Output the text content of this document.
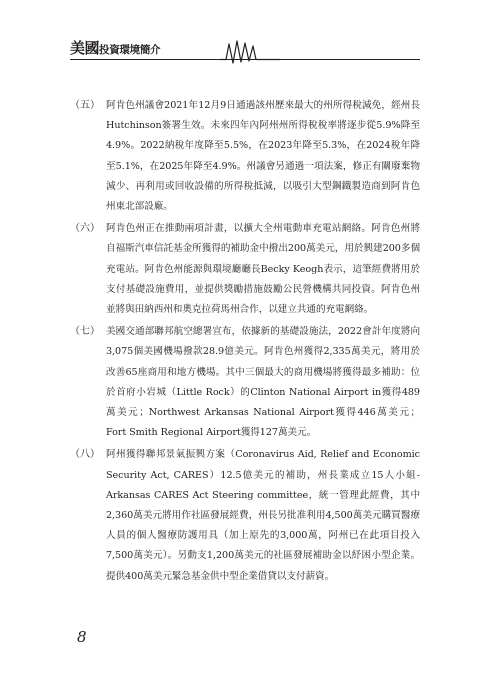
美國投資環境簡介
（五） 阿肯色州議會2021年12月9日通過該州歷來最大的州所得稅減免，經州長Hutchinson簽署生效。未來四年內阿州州所得稅稅率將逐步從5.9%降至4.9%。2022納稅年度降至5.5%，在2023年降至5.3%，在2024稅年降至5.1%，在2025年降至4.9%。州議會另通過一項法案，修正有關廢棄物減少、再利用或回收設備的所得稅抵減，以吸引大型鋼鐵製造商到阿肯色州東北部設廠。
（六） 阿肯色州正在推動兩項計畫，以擴大全州電動車充電站網絡。阿肯色州將自福斯汽車信託基金所獲得的補助金中撥出200萬美元，用於興建200多個充電站。阿肯色州能源與環境廳廳長Becky Keogh表示，這筆經費將用於支付基礎設施費用，並提供獎勵措施鼓勵公民營機構共同投資。阿肯色州並將與田納西州和奧克拉荷馬州合作，以建立共通的充電網絡。
（七） 美國交通部聯邦航空總署宣布，依據新的基礎設施法，2022會計年度將向3,075個美國機場撥款28.9億美元。阿肯色州獲得2,335萬美元，將用於改善65座商用和地方機場。其中三個最大的商用機場將獲得最多補助：位於首府小岩城（Little Rock）的Clinton National Airport in獲得489萬美元；Northwest Arkansas National Airport獲得446萬美元；Fort Smith Regional Airport獲得127萬美元。
（八） 阿州獲得聯邦景氣振興方案（Coronavirus Aid, Relief and Economic Security Act, CARES）12.5億美元的補助，州長業成立15人小組-Arkansas CARES Act Steering committee，統一管理此經費，其中2,360萬美元將用作社區發展經費，州長另批准利用4,500萬美元購買醫療人員的個人醫療防護用具（加上原先的3,000萬，阿州已在此項目投入7,500萬美元）。另動支1,200萬美元的社區發展補助金以紓困小型企業。提供400萬美元緊急基金供中型企業借貸以支付薪資。
8
